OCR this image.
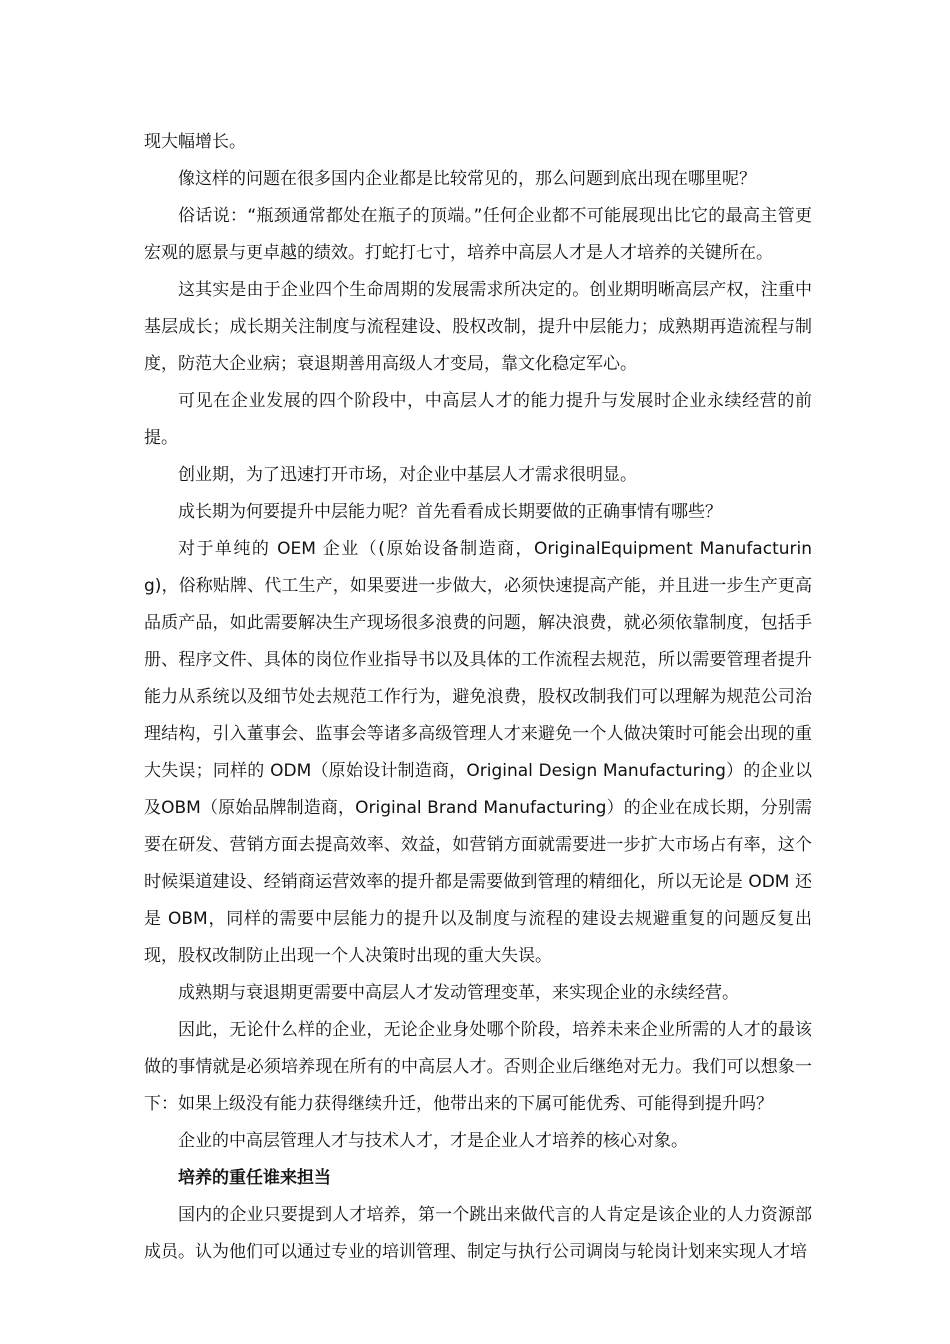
现大幅增长。

像这样的问题在很多国内企业都是比较常见的，那么问题到底出现在哪里呢？

俗话说：“瓶颈通常都处在瓶子的顶端。”任何企业都不可能展现出比它的最高主管更宏观的愿景与更卓越的绩效。打蛇打七寸，培养中高层人才是人才培养的关键所在。

这其实是由于企业四个生命周期的发展需求所决定的。创业期明晰高层产权，注重中基层成长；成长期关注制度与流程建设、股权改制，提升中层能力；成熟期再造流程与制度，防范大企业病；衰退期善用高级人才变局，靠文化稳定军心。

可见在企业发展的四个阶段中，中高层人才的能力提升与发展时企业永续经营的前提。

创业期，为了迅速打开市场，对企业中基层人才需求很明显。

成长期为何要提升中层能力呢？首先看看成长期要做的正确事情有哪些？

对于单纯的 OEM 企业（(原始设备制造商，OriginalEquipment Manufacturing)，俗称贴牌、代工生产，如果要进一步做大，必须快速提高产能，并且进一步生产更高品质产品，如此需要解决生产现场很多浪费的问题，解决浪费，就必须依靠制度，包括手册、程序文件、具体的岗位作业指导书以及具体的工作流程去规范，所以需要管理者提升能力从系统以及细节处去规范工作行为，避免浪费，股权改制我们可以理解为规范公司治理结构，引入董事会、监事会等诸多高级管理人才来避免一个人做决策时可能会出现的重大失误；同样的 ODM（原始设计制造商，Original Design Manufacturing）的企业以及OBM（原始品牌制造商，Original Brand Manufacturing）的企业在成长期，分别需要在研发、营销方面去提高效率、效益，如营销方面就需要进一步扩大市场占有率，这个时候渠道建设、经销商运营效率的提升都是需要做到管理的精细化，所以无论是 ODM 还是 OBM，同样的需要中层能力的提升以及制度与流程的建设去规避重复的问题反复出现，股权改制防止出现一个人决策时出现的重大失误。

成熟期与衰退期更需要中高层人才发动管理变革，来实现企业的永续经营。

因此，无论什么样的企业，无论企业身处哪个阶段，培养未来企业所需的人才的最该做的事情就是必须培养现在所有的中高层人才。否则企业后继绝对无力。我们可以想象一下：如果上级没有能力获得继续升迁，他带出来的下属可能优秀、可能得到提升吗？

企业的中高层管理人才与技术人才，才是企业人才培养的核心对象。

培养的重任谁来担当

国内的企业只要提到人才培养，第一个跳出来做代言的人肯定是该企业的人力资源部成员。认为他们可以通过专业的培训管理、制定与执行公司调岗与轮岗计划来实现人才培
